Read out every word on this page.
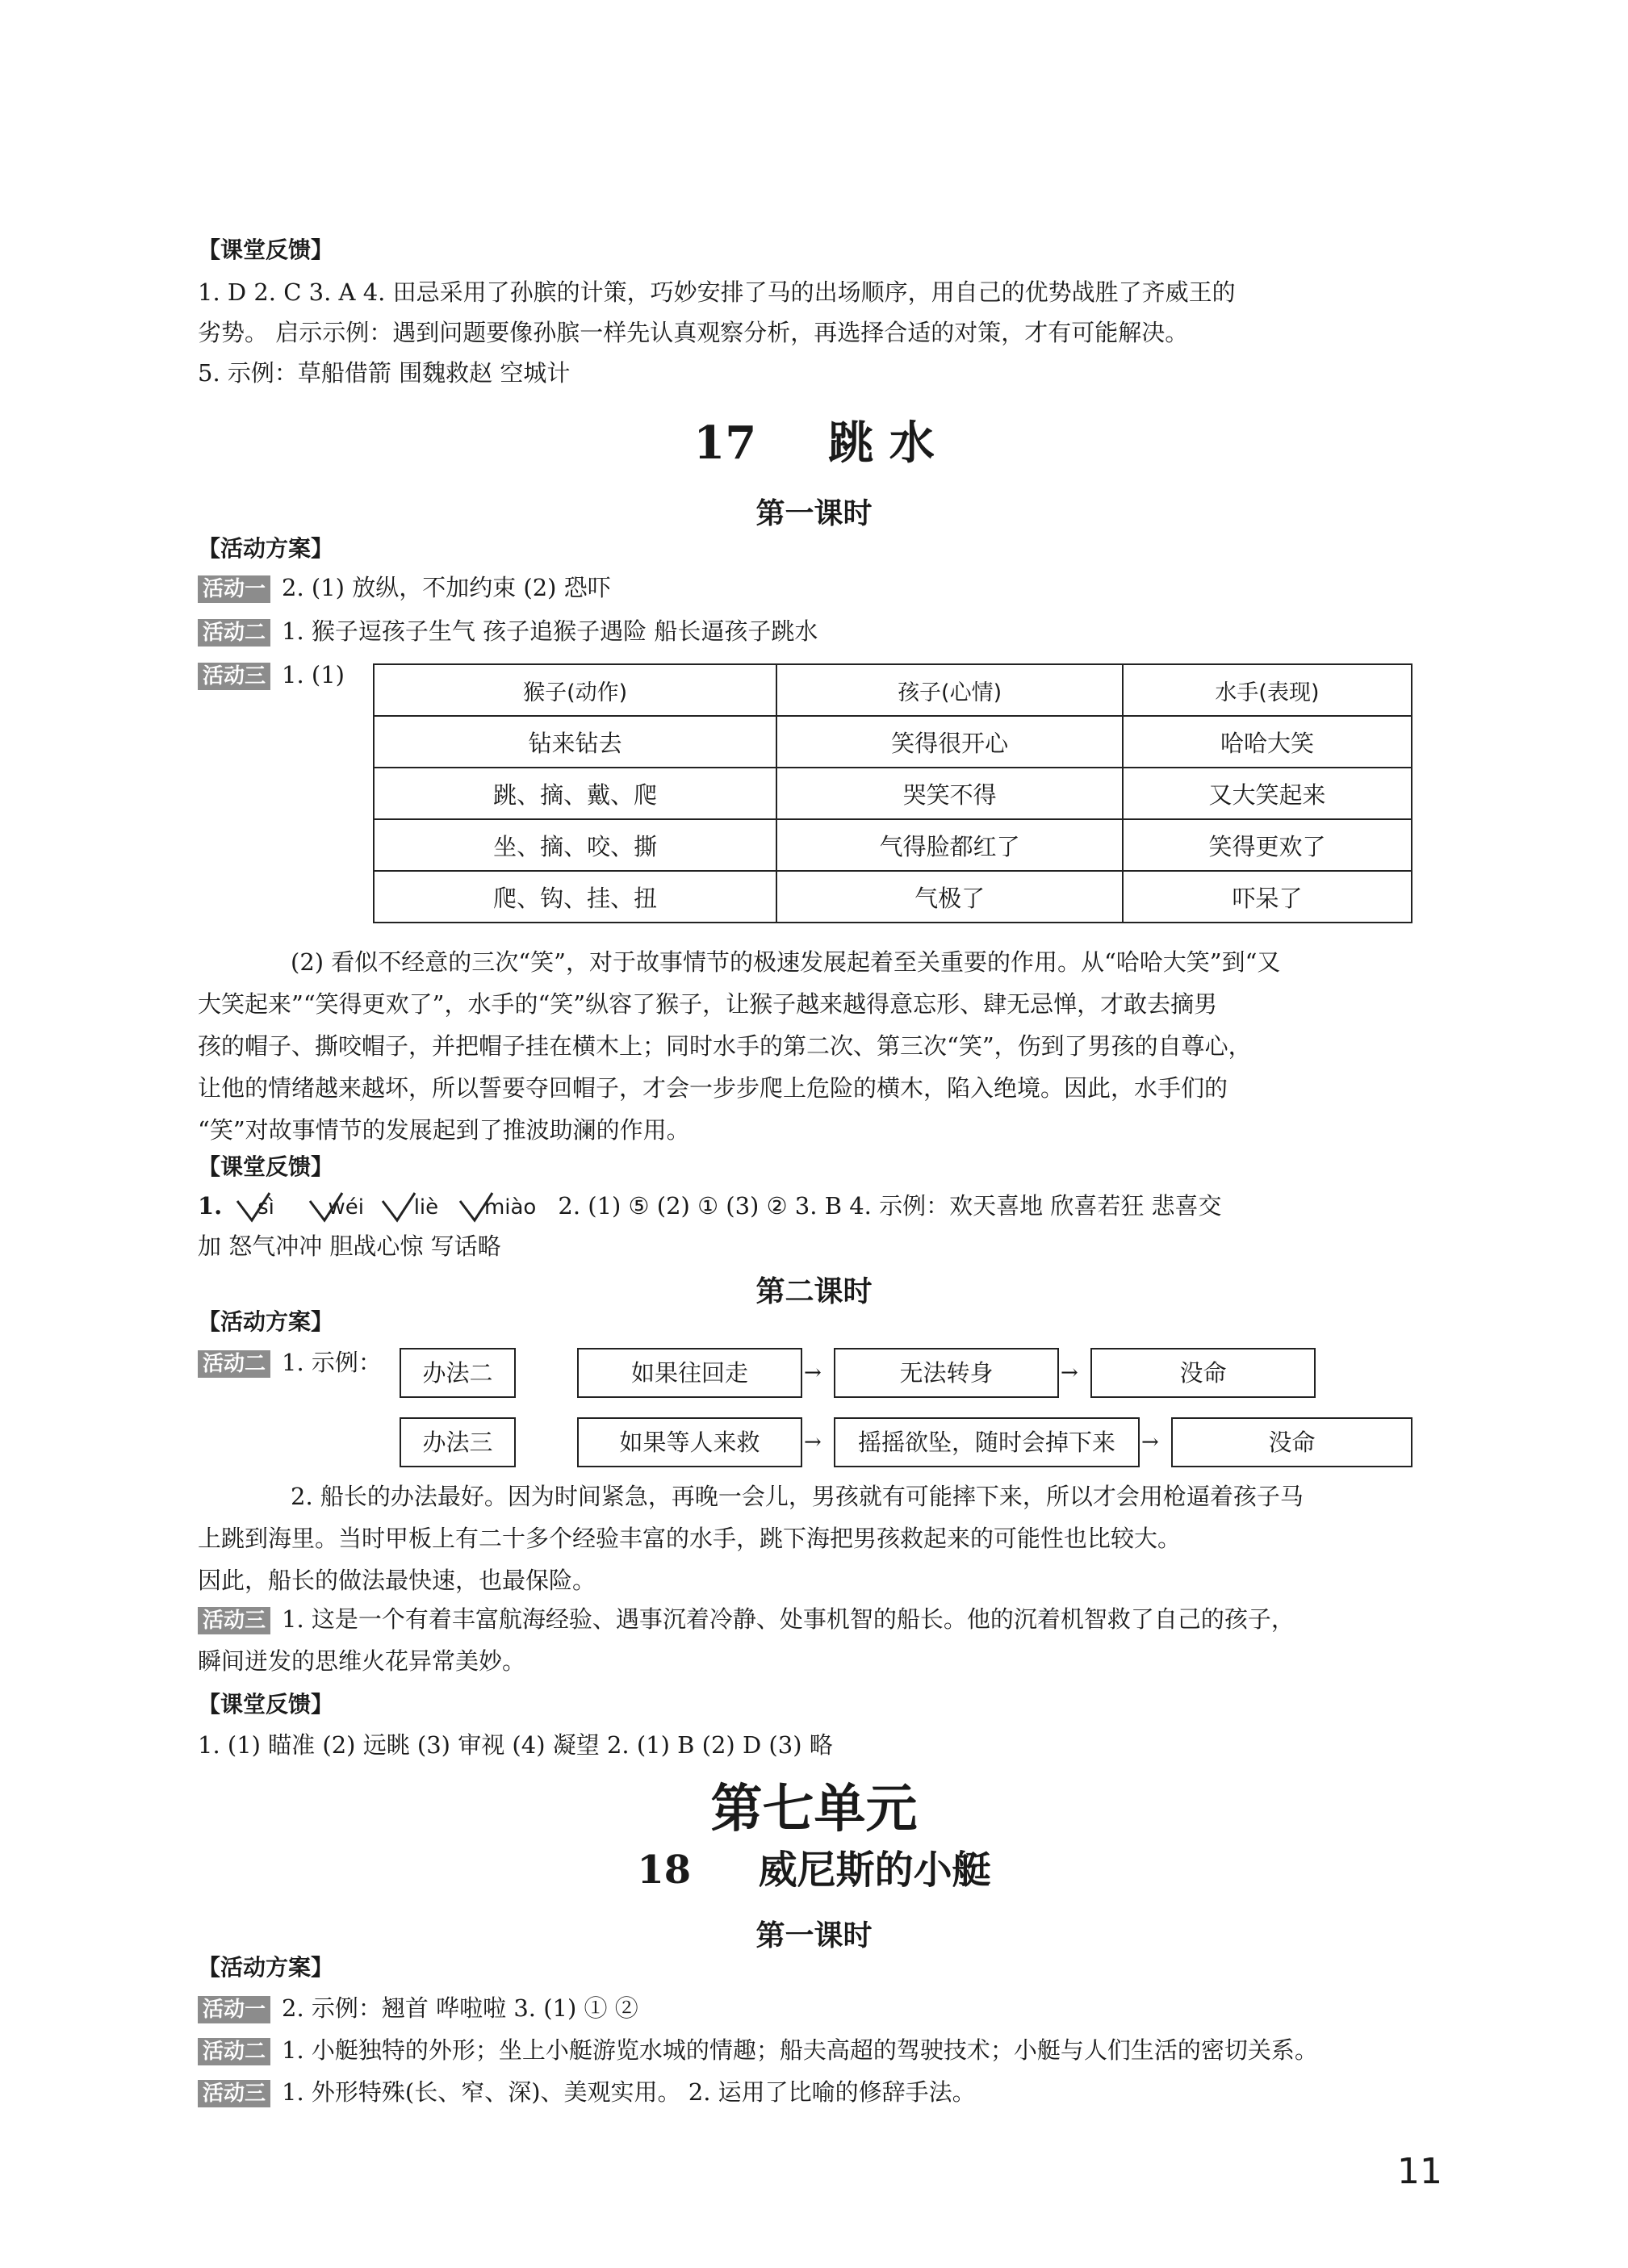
【课堂反馈】
1. D 2. C 3. A 4. 田忌采用了孙膑的计策，巧妙安排了马的出场顺序，用自己的优势战胜了齐威王的
劣势。 启示示例：遇到问题要像孙膑一样先认真观察分析，再选择合适的对策，才有可能解决。
5. 示例：草船借箭 围魏救赵 空城计
17 跳 水
第一课时
【活动方案】
活动一 2. (1) 放纵，不加约束 (2) 恐吓
活动二 1. 猴子逗孩子生气 孩子追猴子遇险 船长逼孩子跳水
活动三 1. (1)
猴子(动作)	孩子(心情)	水手(表现)
钻来钻去	笑得很开心	哈哈大笑
跳、摘、戴、爬	哭笑不得	又大笑起来
坐、摘、咬、撕	气得脸都红了	笑得更欢了
爬、钩、挂、扭	气极了	吓呆了
(2) 看似不经意的三次“笑”，对于故事情节的极速发展起着至关重要的作用。从“哈哈大笑”到“又
大笑起来”“笑得更欢了”，水手的“笑”纵容了猴子，让猴子越来越得意忘形、肆无忌惮，才敢去摘男
孩的帽子、撕咬帽子，并把帽子挂在横木上；同时水手的第二次、第三次“笑”，伤到了男孩的自尊心，
让他的情绪越来越坏，所以誓要夺回帽子，才会一步步爬上危险的横木，陷入绝境。因此，水手们的
“笑”对故事情节的发展起到了推波助澜的作用。
【课堂反馈】
1. sì	wéi liè miào 2. (1) ⑤ (2) ① (3) ② 3. B 4. 示例：欢天喜地 欣喜若狂 悲喜交
加 怒气冲冲 胆战心惊 写话略
第二课时
【活动方案】
活动二 1. 示例：	办法二	如果往回走	→	无法转身	→	没命
办法三	如果等人来救	→	摇摇欲坠，随时会掉下来	→	没命
2. 船长的办法最好。因为时间紧急，再晚一会儿，男孩就有可能摔下来，所以才会用枪逼着孩子马
上跳到海里。当时甲板上有二十多个经验丰富的水手，跳下海把男孩救起来的可能性也比较大。
因此，船长的做法最快速，也最保险。
活动三 1. 这是一个有着丰富航海经验、遇事沉着冷静、处事机智的船长。他的沉着机智救了自己的孩子，
瞬间迸发的思维火花异常美妙。
【课堂反馈】
1. (1) 瞄准 (2) 远眺 (3) 审视 (4) 凝望 2. (1) B (2) D (3) 略
第七单元
18 威尼斯的小艇
第一课时
【活动方案】
活动一 2. 示例：翘首 哗啦啦 3. (1) ① ②
活动二 1. 小艇独特的外形；坐上小艇游览水城的情趣；船夫高超的驾驶技术；小艇与人们生活的密切关系。
活动三 1. 外形特殊(长、窄、深)、美观实用。 2. 运用了比喻的修辞手法。
11
